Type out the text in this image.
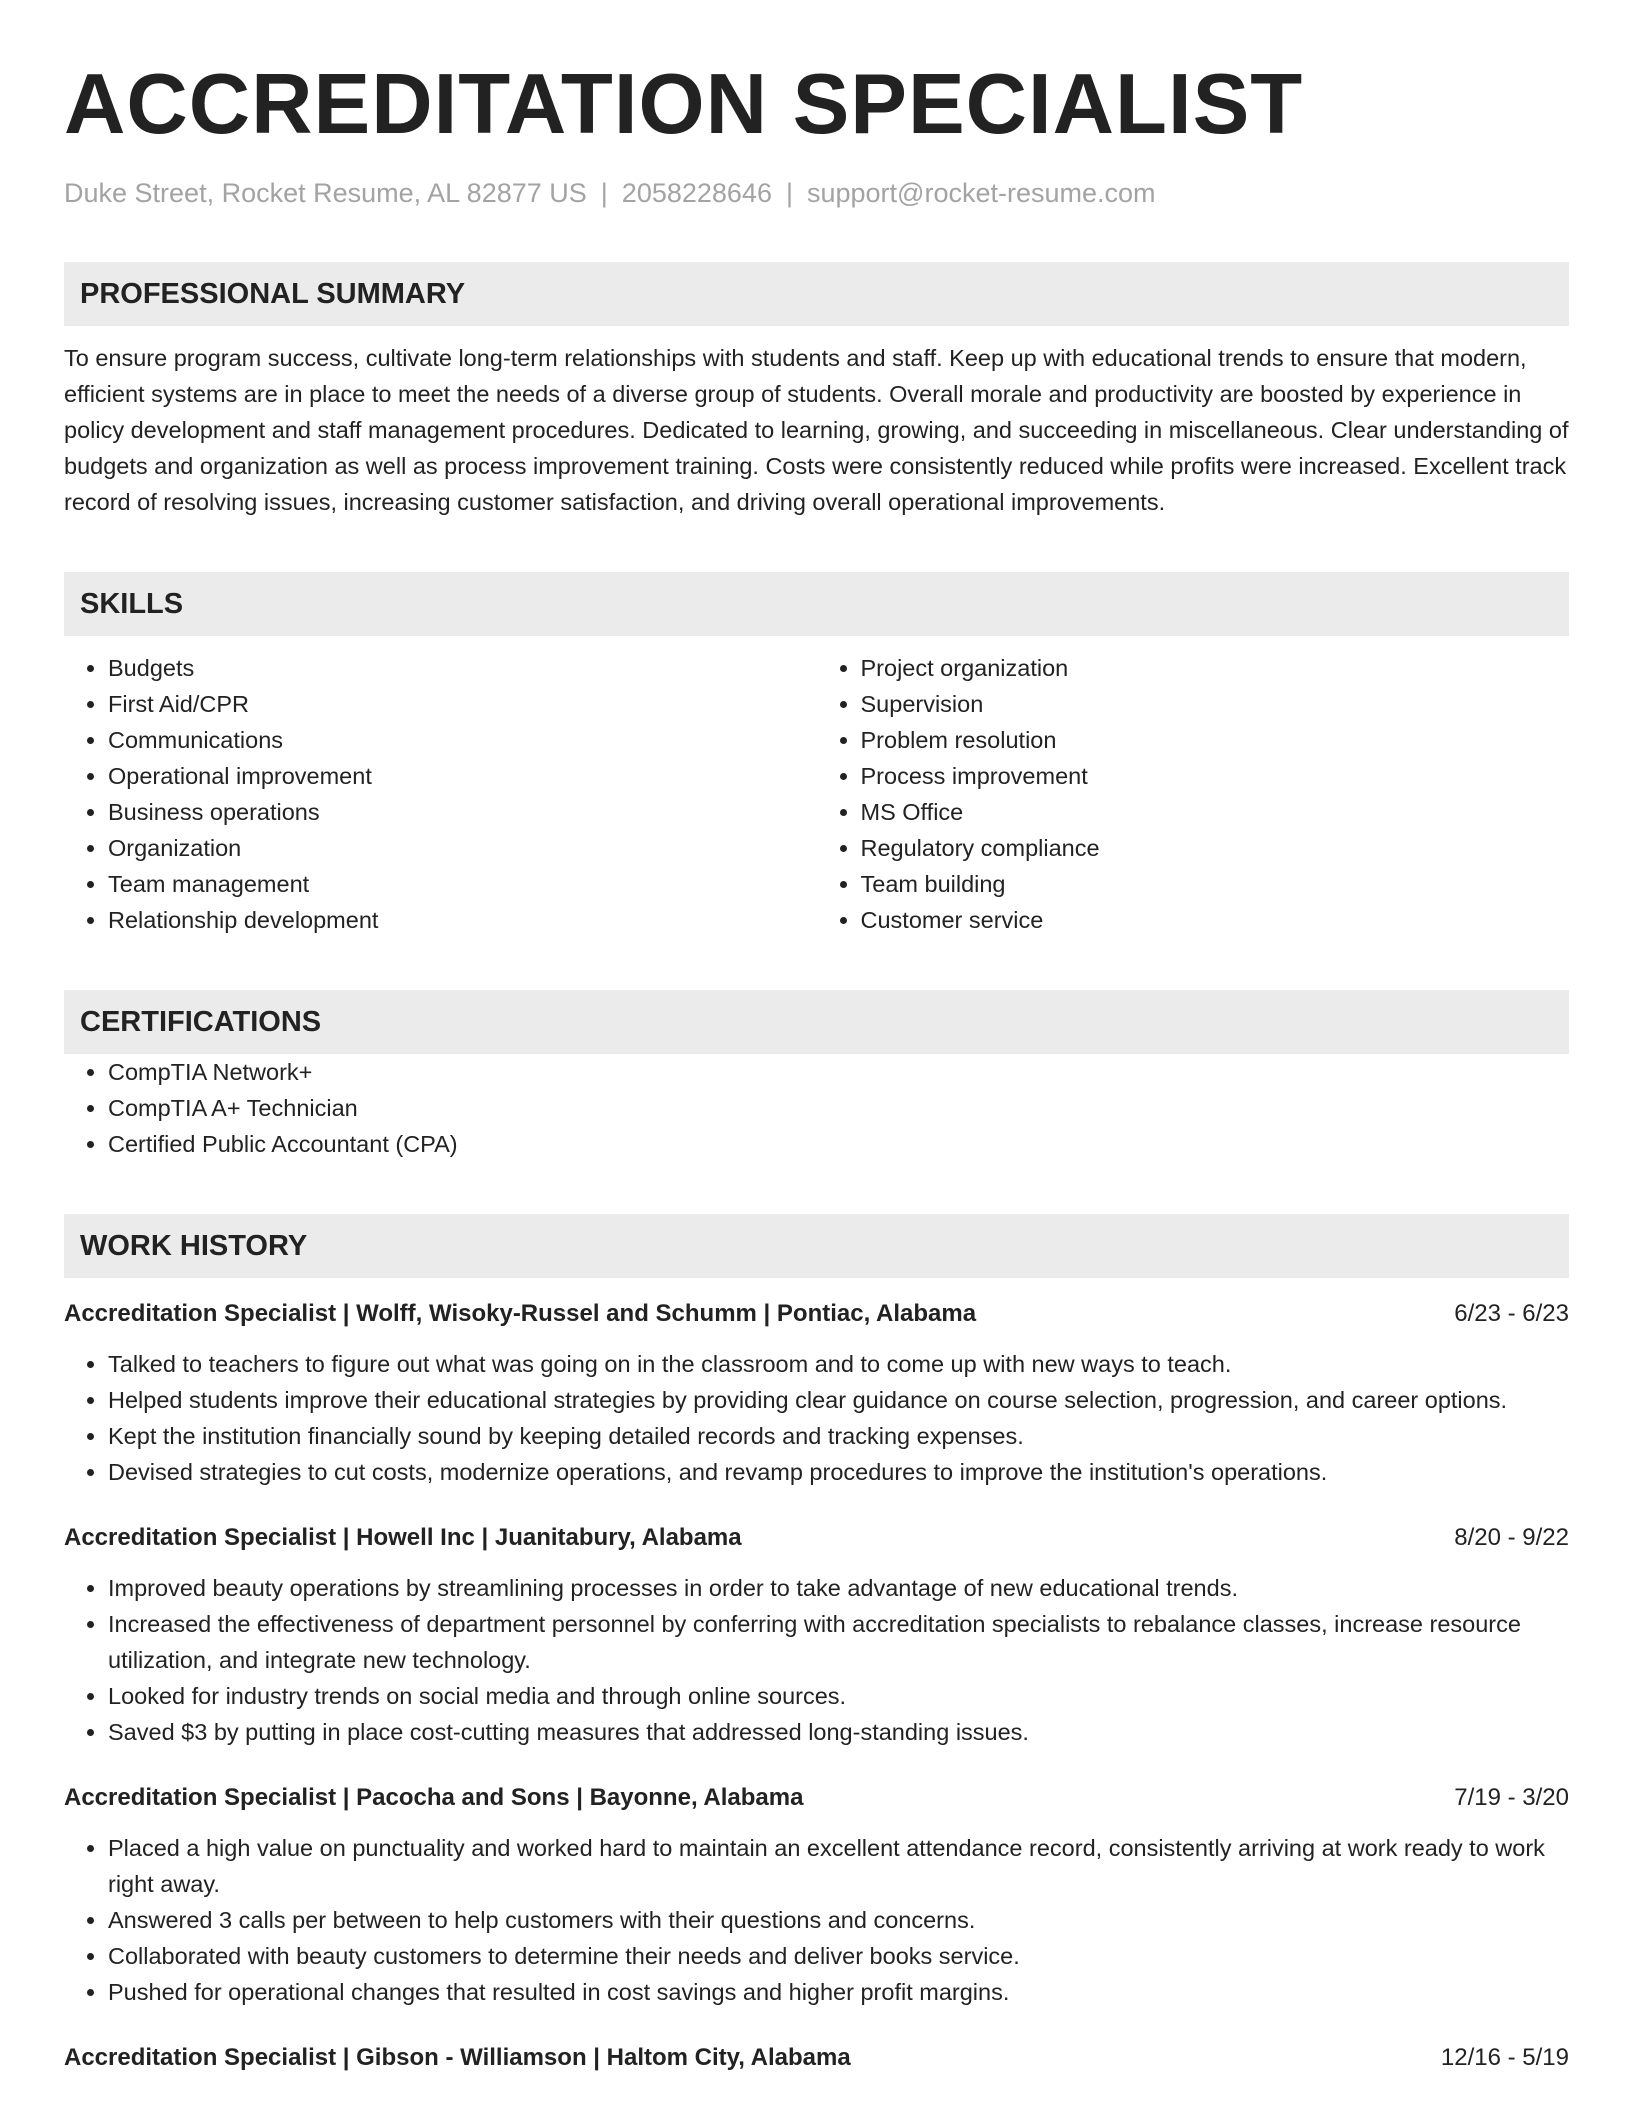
ACCREDITATION SPECIALIST
Duke Street, Rocket Resume, AL 82877 US | 2058228646 | support@rocket-resume.com
PROFESSIONAL SUMMARY
To ensure program success, cultivate long-term relationships with students and staff. Keep up with educational trends to ensure that modern, efficient systems are in place to meet the needs of a diverse group of students. Overall morale and productivity are boosted by experience in policy development and staff management procedures. Dedicated to learning, growing, and succeeding in miscellaneous. Clear understanding of budgets and organization as well as process improvement training. Costs were consistently reduced while profits were increased. Excellent track record of resolving issues, increasing customer satisfaction, and driving overall operational improvements.
SKILLS
• Budgets
• First Aid/CPR
• Communications
• Operational improvement
• Business operations
• Organization
• Team management
• Relationship development
• Project organization
• Supervision
• Problem resolution
• Process improvement
• MS Office
• Regulatory compliance
• Team building
• Customer service
CERTIFICATIONS
• CompTIA Network+
• CompTIA A+ Technician
• Certified Public Accountant (CPA)
WORK HISTORY
Accreditation Specialist | Wolff, Wisoky-Russel and Schumm | Pontiac, Alabama	6/23 - 6/23
• Talked to teachers to figure out what was going on in the classroom and to come up with new ways to teach.
• Helped students improve their educational strategies by providing clear guidance on course selection, progression, and career options.
• Kept the institution financially sound by keeping detailed records and tracking expenses.
• Devised strategies to cut costs, modernize operations, and revamp procedures to improve the institution's operations.
Accreditation Specialist | Howell Inc | Juanitabury, Alabama	8/20 - 9/22
• Improved beauty operations by streamlining processes in order to take advantage of new educational trends.
• Increased the effectiveness of department personnel by conferring with accreditation specialists to rebalance classes, increase resource utilization, and integrate new technology.
• Looked for industry trends on social media and through online sources.
• Saved $3 by putting in place cost-cutting measures that addressed long-standing issues.
Accreditation Specialist | Pacocha and Sons | Bayonne, Alabama	7/19 - 3/20
• Placed a high value on punctuality and worked hard to maintain an excellent attendance record, consistently arriving at work ready to work right away.
• Answered 3 calls per between to help customers with their questions and concerns.
• Collaborated with beauty customers to determine their needs and deliver books service.
• Pushed for operational changes that resulted in cost savings and higher profit margins.
Accreditation Specialist | Gibson - Williamson | Haltom City, Alabama	12/16 - 5/19
